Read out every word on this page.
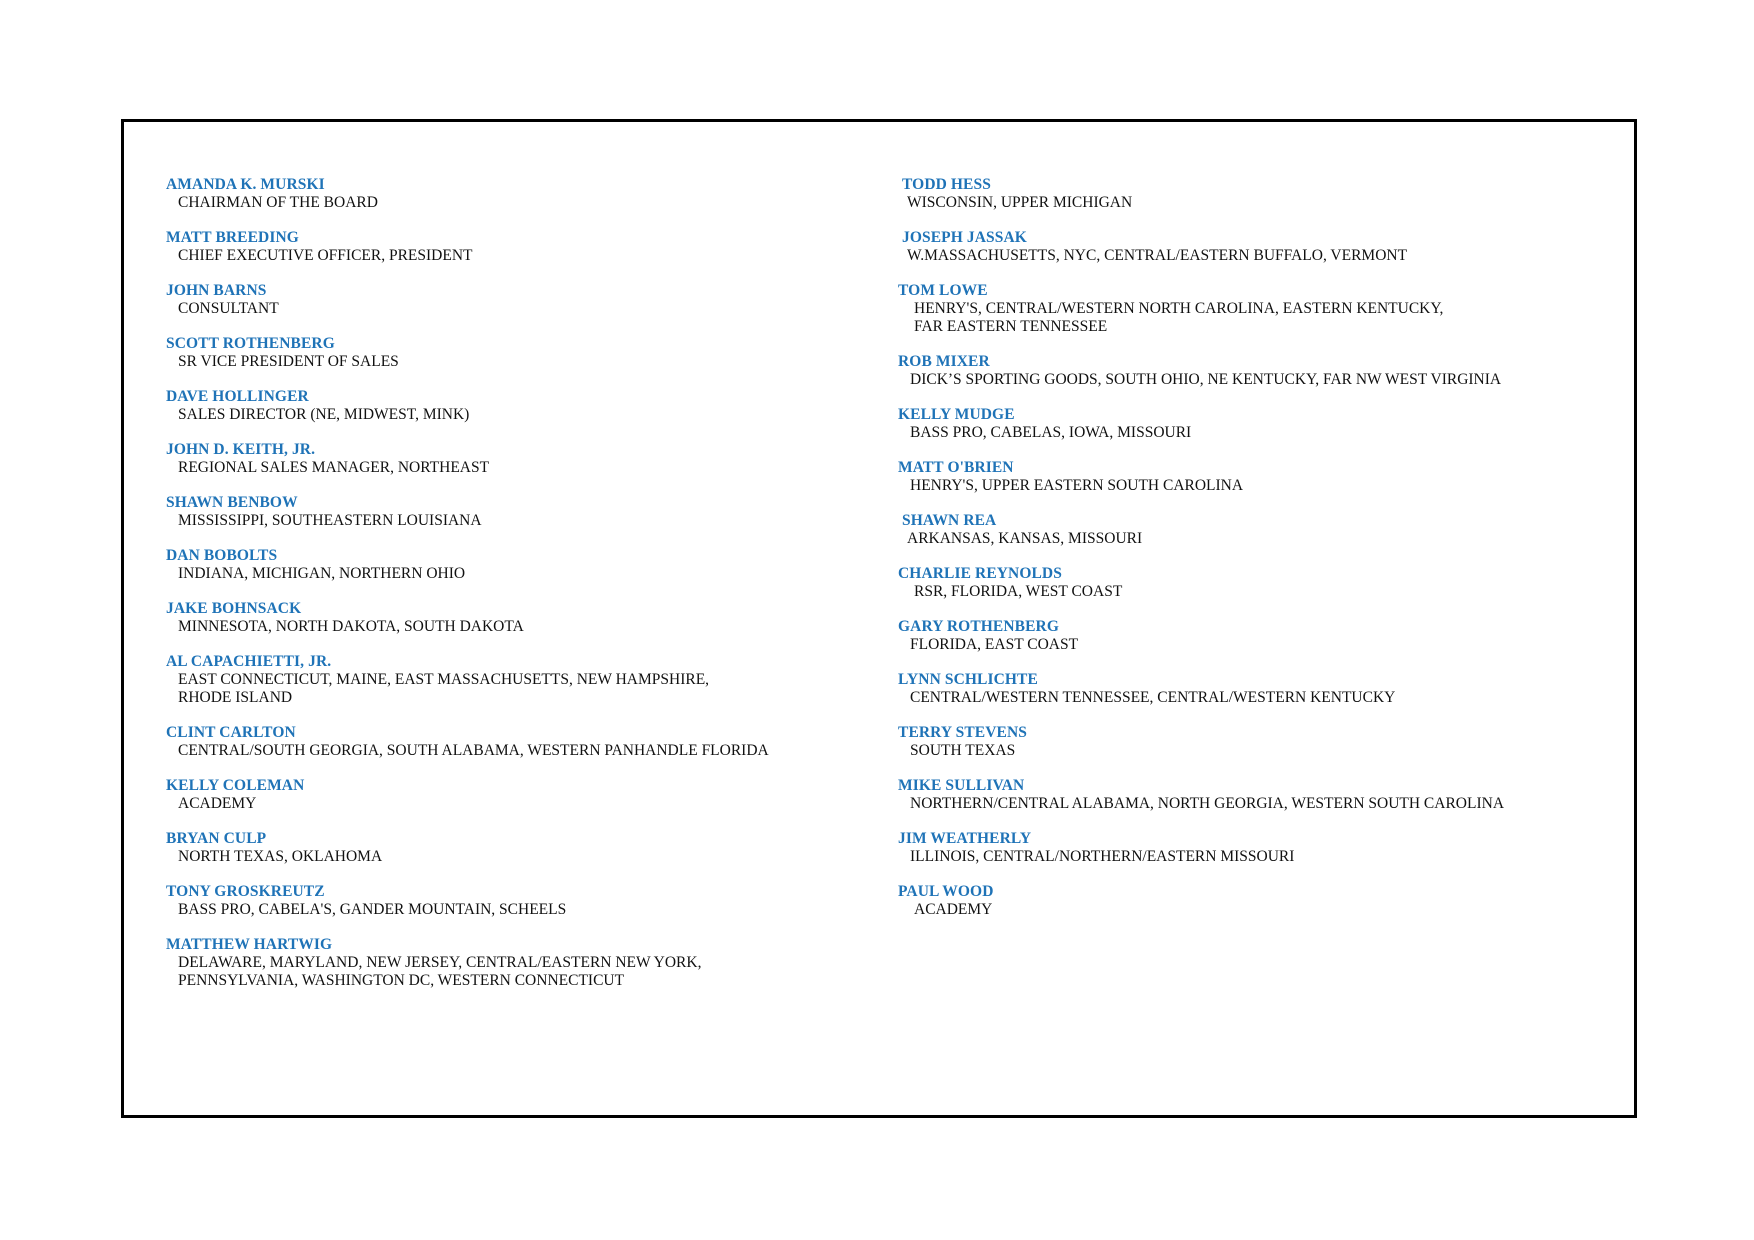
AMANDA K. MURSKI
CHAIRMAN OF THE BOARD
MATT BREEDING
CHIEF EXECUTIVE OFFICER, PRESIDENT
JOHN BARNS
CONSULTANT
SCOTT ROTHENBERG
SR VICE PRESIDENT OF SALES
DAVE HOLLINGER
SALES DIRECTOR (NE, MIDWEST, MINK)
JOHN D. KEITH, JR.
REGIONAL SALES MANAGER, NORTHEAST
SHAWN BENBOW
MISSISSIPPI, SOUTHEASTERN LOUISIANA
DAN BOBOLTS
INDIANA, MICHIGAN, NORTHERN OHIO
JAKE BOHNSACK
MINNESOTA, NORTH DAKOTA, SOUTH DAKOTA
AL CAPACHIETTI, JR.
EAST CONNECTICUT, MAINE, EAST MASSACHUSETTS, NEW HAMPSHIRE,
RHODE ISLAND
CLINT CARLTON
CENTRAL/SOUTH GEORGIA, SOUTH ALABAMA, WESTERN PANHANDLE FLORIDA
KELLY COLEMAN
ACADEMY
BRYAN CULP
NORTH TEXAS, OKLAHOMA
TONY GROSKREUTZ
BASS PRO, CABELA'S, GANDER MOUNTAIN, SCHEELS
MATTHEW HARTWIG
DELAWARE, MARYLAND, NEW JERSEY, CENTRAL/EASTERN NEW YORK,
PENNSYLVANIA, WASHINGTON DC, WESTERN CONNECTICUT
TODD HESS
WISCONSIN, UPPER MICHIGAN
JOSEPH JASSAK
W.MASSACHUSETTS, NYC, CENTRAL/EASTERN BUFFALO, VERMONT
TOM LOWE
HENRY'S, CENTRAL/WESTERN NORTH CAROLINA, EASTERN KENTUCKY,
FAR EASTERN TENNESSEE
ROB MIXER
DICK’S SPORTING GOODS, SOUTH OHIO, NE KENTUCKY, FAR NW WEST VIRGINIA
KELLY MUDGE
BASS PRO, CABELAS, IOWA, MISSOURI
MATT O'BRIEN
HENRY'S, UPPER EASTERN SOUTH CAROLINA
SHAWN REA
ARKANSAS, KANSAS, MISSOURI
CHARLIE REYNOLDS
RSR, FLORIDA, WEST COAST
GARY ROTHENBERG
FLORIDA, EAST COAST
LYNN SCHLICHTE
CENTRAL/WESTERN TENNESSEE, CENTRAL/WESTERN KENTUCKY
TERRY STEVENS
SOUTH TEXAS
MIKE SULLIVAN
NORTHERN/CENTRAL ALABAMA, NORTH GEORGIA, WESTERN SOUTH CAROLINA
JIM WEATHERLY
ILLINOIS, CENTRAL/NORTHERN/EASTERN MISSOURI
PAUL WOOD
ACADEMY
